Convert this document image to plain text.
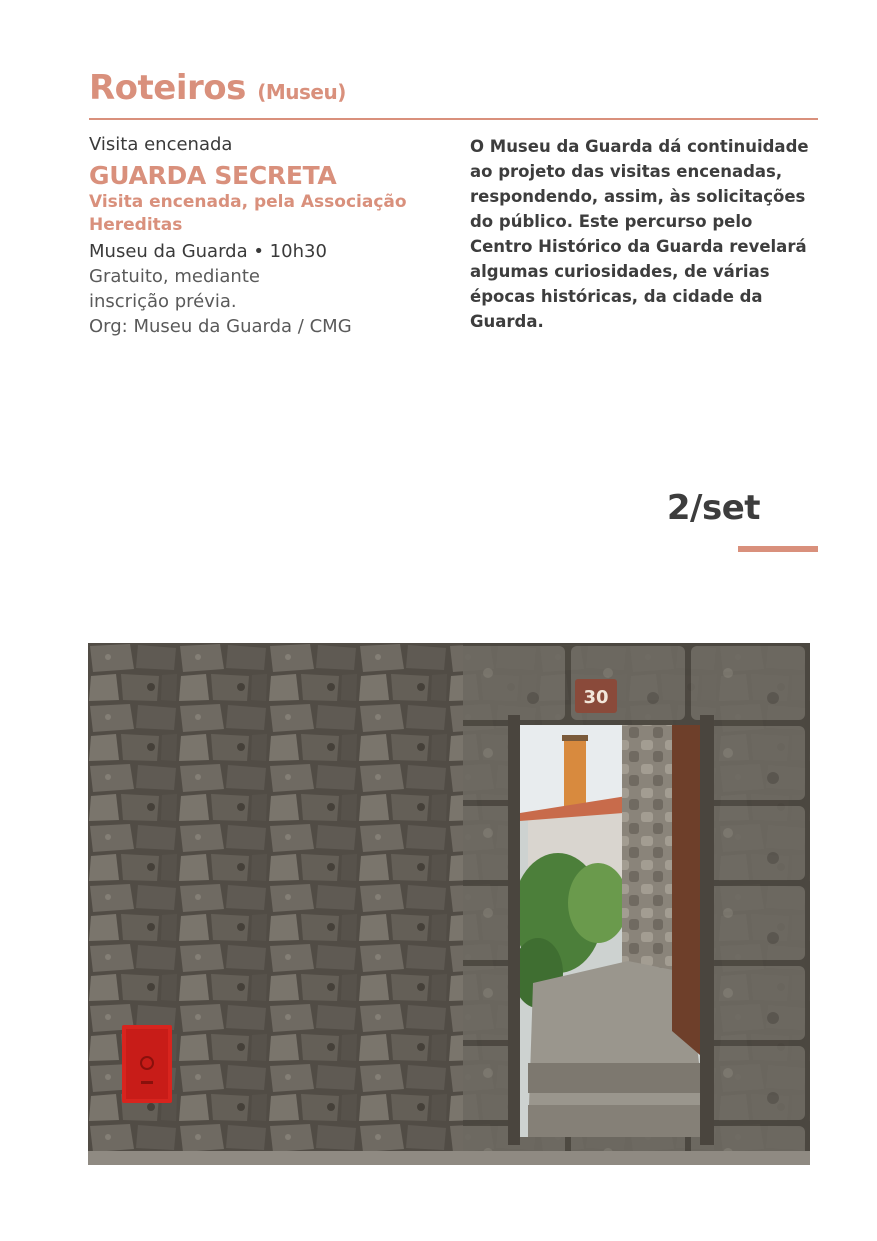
Roteiros (Museu)
Visita encenada
GUARDA SECRETA
Visita encenada, pela Associação Hereditas
Museu da Guarda • 10h30
Gratuito, mediante
inscrição prévia.
Org: Museu da Guarda / CMG
O Museu da Guarda dá continuidade ao projeto das visitas encenadas, respondendo, assim, às solicitações do público. Este percurso pelo Centro Histórico da Guarda revelará algumas curiosidades, de várias épocas históricas, da cidade da Guarda.
2/set
30
